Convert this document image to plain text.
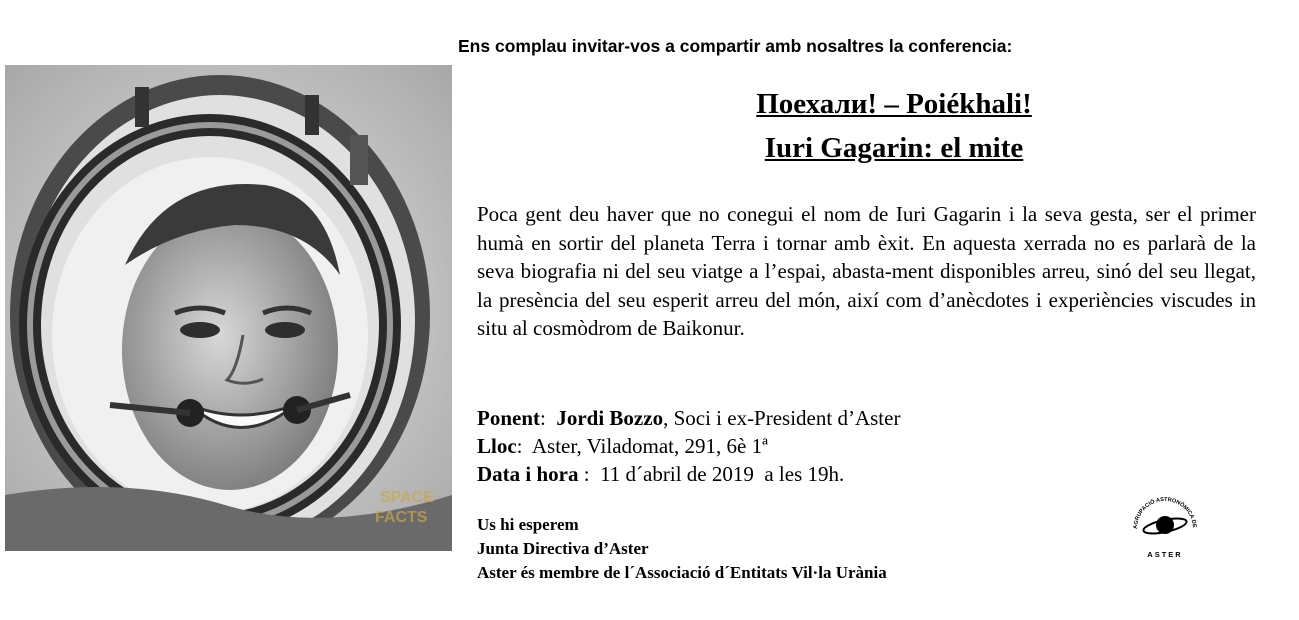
Ens complau invitar-vos a compartir amb nosaltres la conferencia:
SPACE
FACTS
Поехали! – Poiékhali!
Iuri Gagarin: el mite
Poca gent deu haver que no conegui el nom de Iuri Gagarin i la seva gesta, ser el primer humà en sortir del planeta Terra i tornar amb èxit. En aquesta xerrada no es parlarà de la seva biografia ni del seu viatge a l’espai, abasta-ment disponibles arreu, sinó del seu llegat, la presència del seu esperit arreu del món, així com d’anècdotes i experiències viscudes in situ al cosmòdrom de Baikonur.
Ponent:  Jordi Bozzo, Soci i ex-President d’Aster
Lloc:  Aster, Viladomat, 291, 6è 1ª
Data i hora :  11 d´abril de 2019  a les 19h.
Us hi esperem
Junta Directiva d’Aster
Aster és membre de l´Associació d´Entitats Vil·la Urània
AGRUPACIÓ ASTRONÒMICA DE
ASTER
